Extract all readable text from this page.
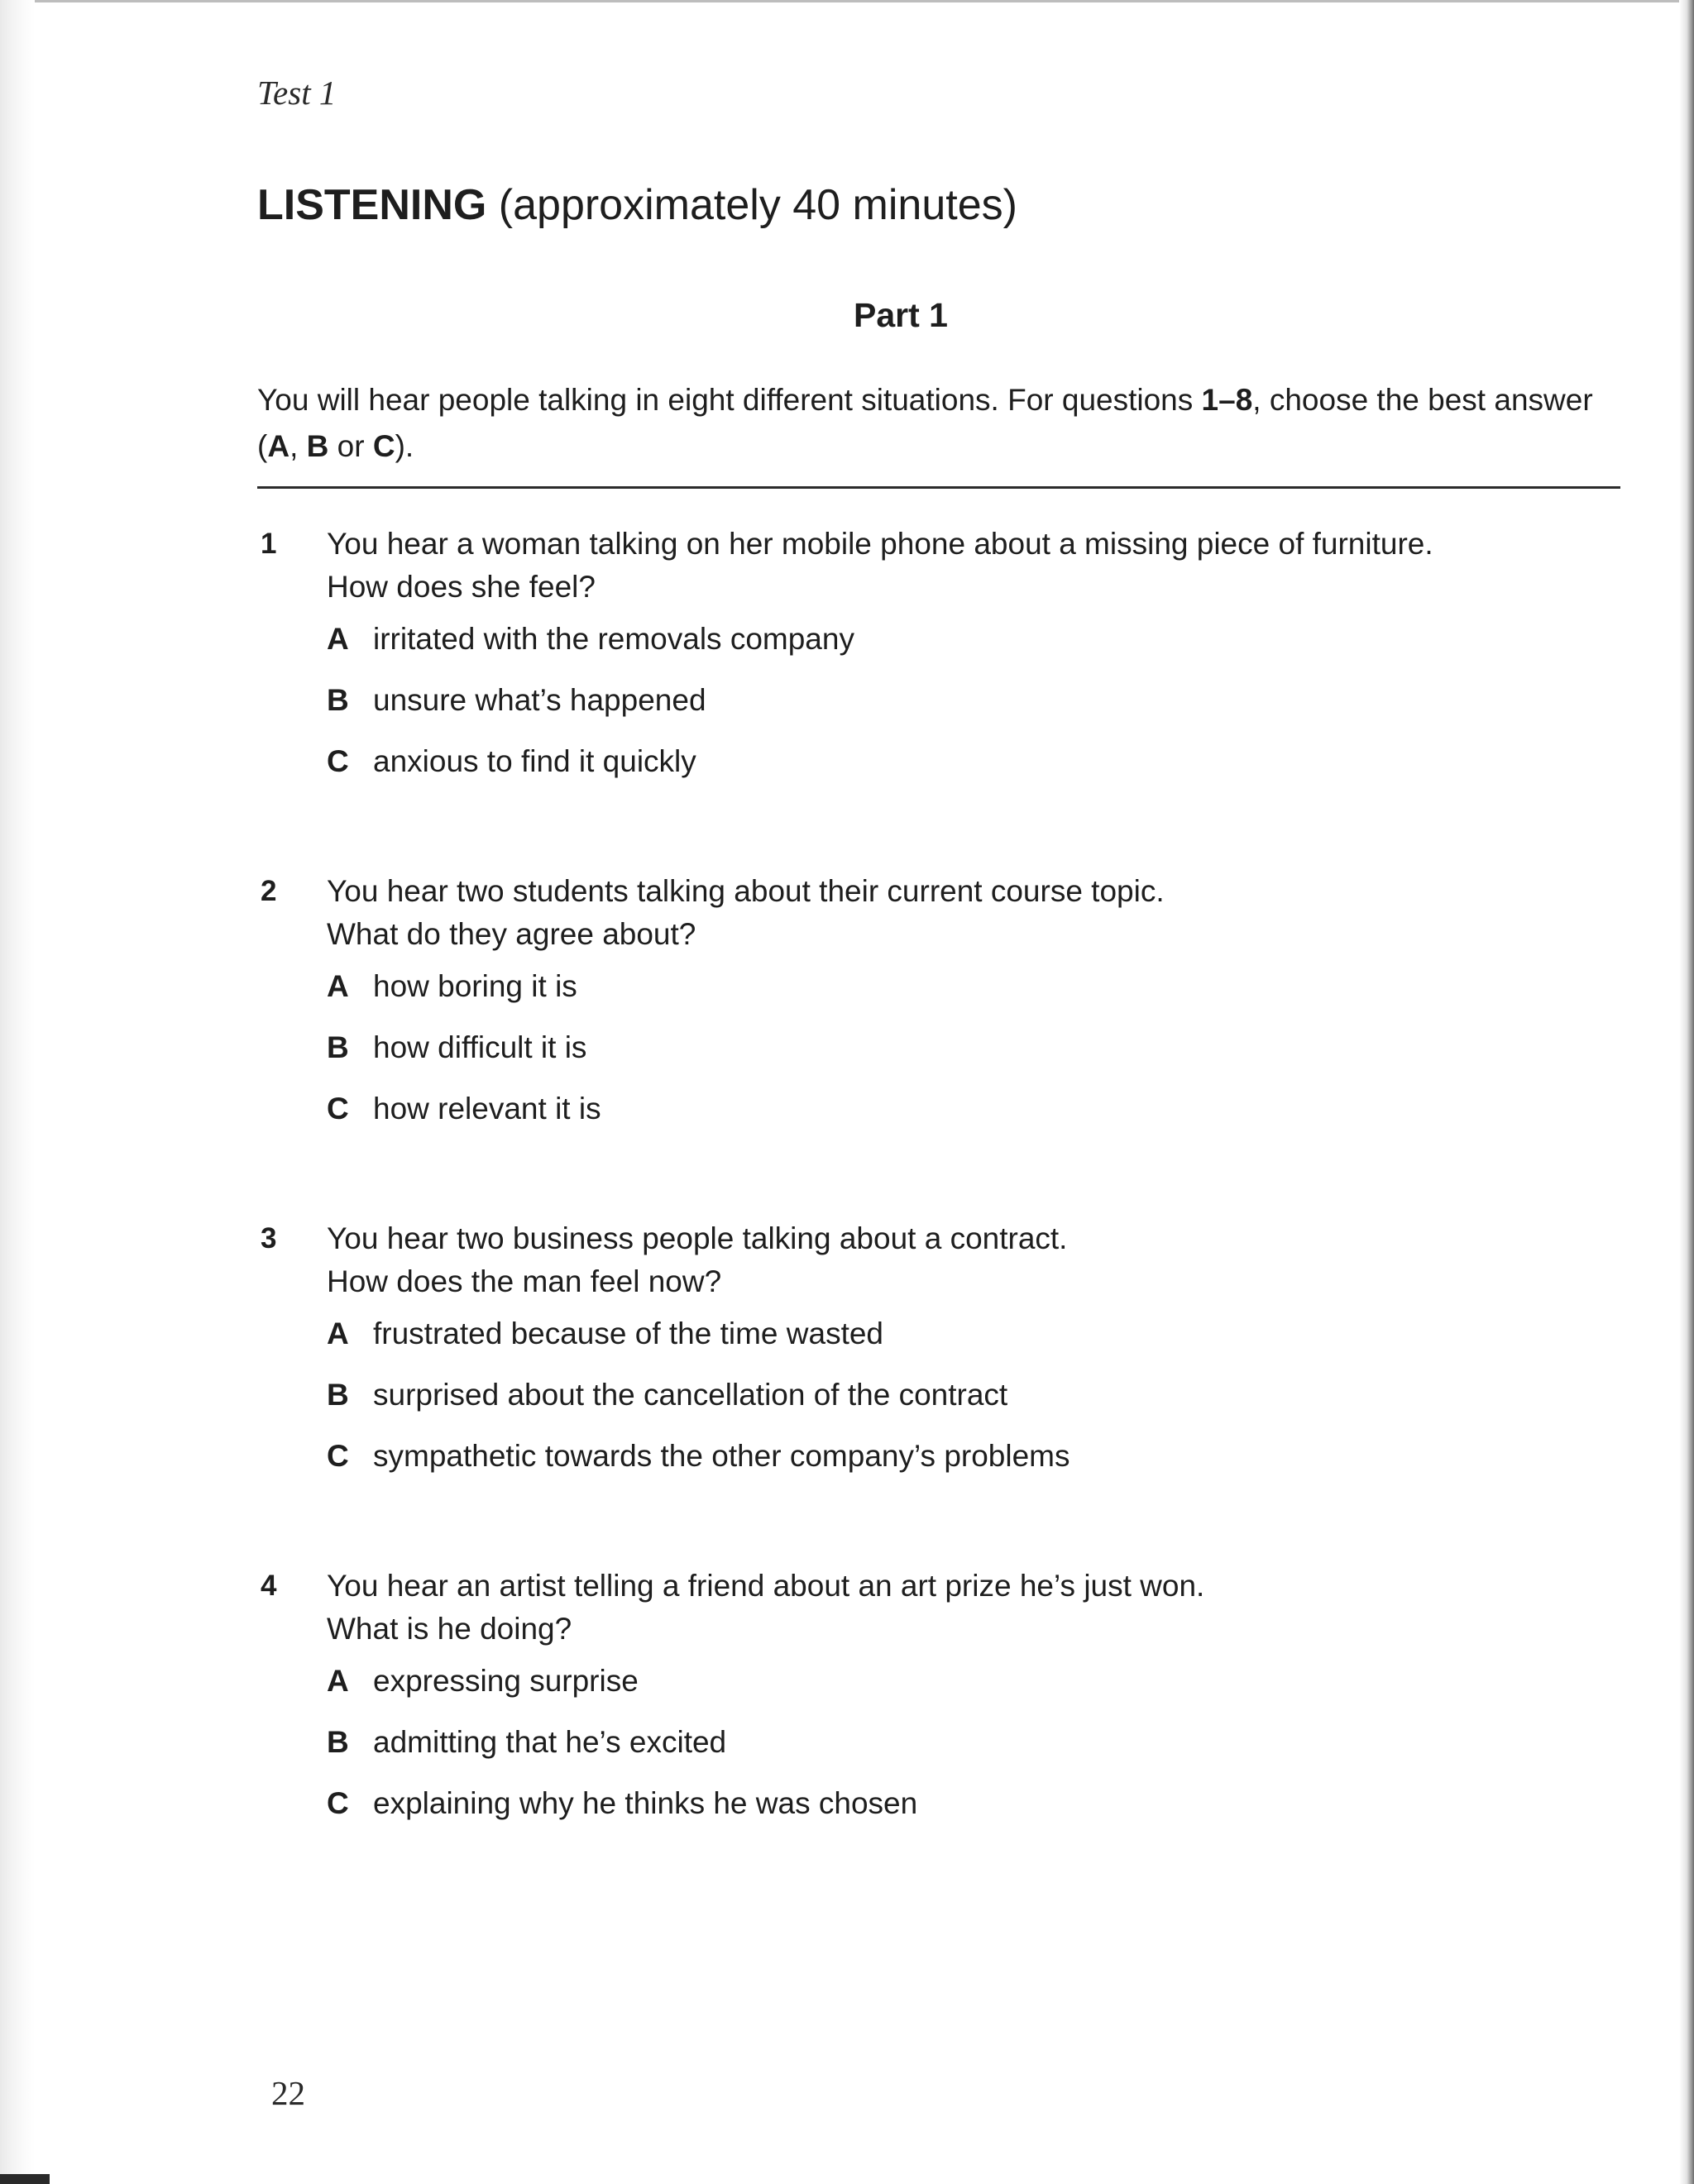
Test 1
LISTENING (approximately 40 minutes)
Part 1
You will hear people talking in eight different situations. For questions 1–8, choose the best answer (A, B or C).
1 You hear a woman talking on her mobile phone about a missing piece of furniture.
How does she feel?
A irritated with the removals company
B unsure what’s happened
C anxious to find it quickly
2 You hear two students talking about their current course topic.
What do they agree about?
A how boring it is
B how difficult it is
C how relevant it is
3 You hear two business people talking about a contract.
How does the man feel now?
A frustrated because of the time wasted
B surprised about the cancellation of the contract
C sympathetic towards the other company’s problems
4 You hear an artist telling a friend about an art prize he’s just won.
What is he doing?
A expressing surprise
B admitting that he’s excited
C explaining why he thinks he was chosen
22
